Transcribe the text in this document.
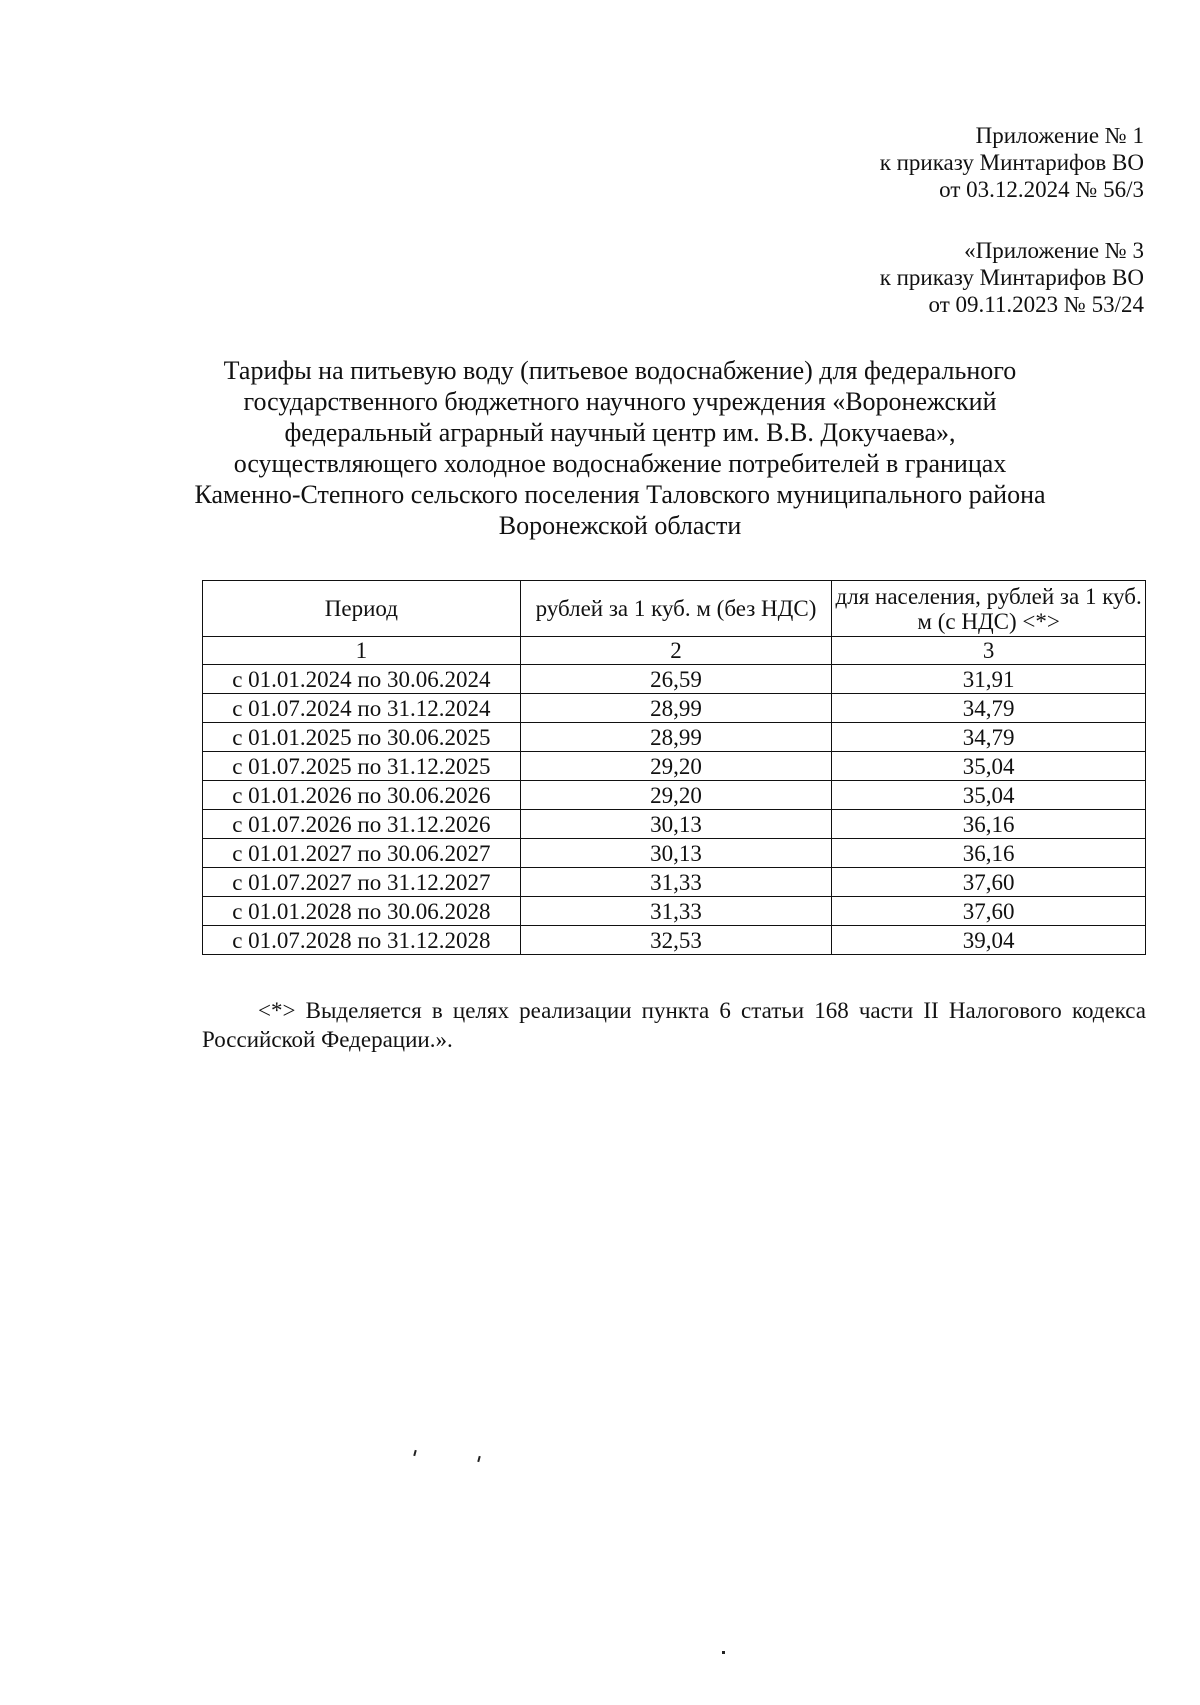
Приложение № 1
к приказу Минтарифов ВО
от 03.12.2024 № 56/3
«Приложение № 3
к приказу Минтарифов ВО
от 09.11.2023 № 53/24
Тарифы на питьевую воду (питьевое водоснабжение) для федерального
государственного бюджетного научного учреждения «Воронежский
федеральный аграрный научный центр им. В.В. Докучаева»,
осуществляющего холодное водоснабжение потребителей в границах
Каменно-Степного сельского поселения Таловского муниципального района
Воронежской области
Период	рублей за 1 куб. м (без НДС)	для населения, рублей за 1 куб. м (с НДС) <*>
1	2	3
с 01.01.2024 по 30.06.2024	26,59	31,91
с 01.07.2024 по 31.12.2024	28,99	34,79
с 01.01.2025 по 30.06.2025	28,99	34,79
с 01.07.2025 по 31.12.2025	29,20	35,04
с 01.01.2026 по 30.06.2026	29,20	35,04
с 01.07.2026 по 31.12.2026	30,13	36,16
с 01.01.2027 по 30.06.2027	30,13	36,16
с 01.07.2027 по 31.12.2027	31,33	37,60
с 01.01.2028 по 30.06.2028	31,33	37,60
с 01.07.2028 по 31.12.2028	32,53	39,04
<*> Выделяется в целях реализации пункта 6 статьи 168 части II Налогового кодекса Российской Федерации.».
